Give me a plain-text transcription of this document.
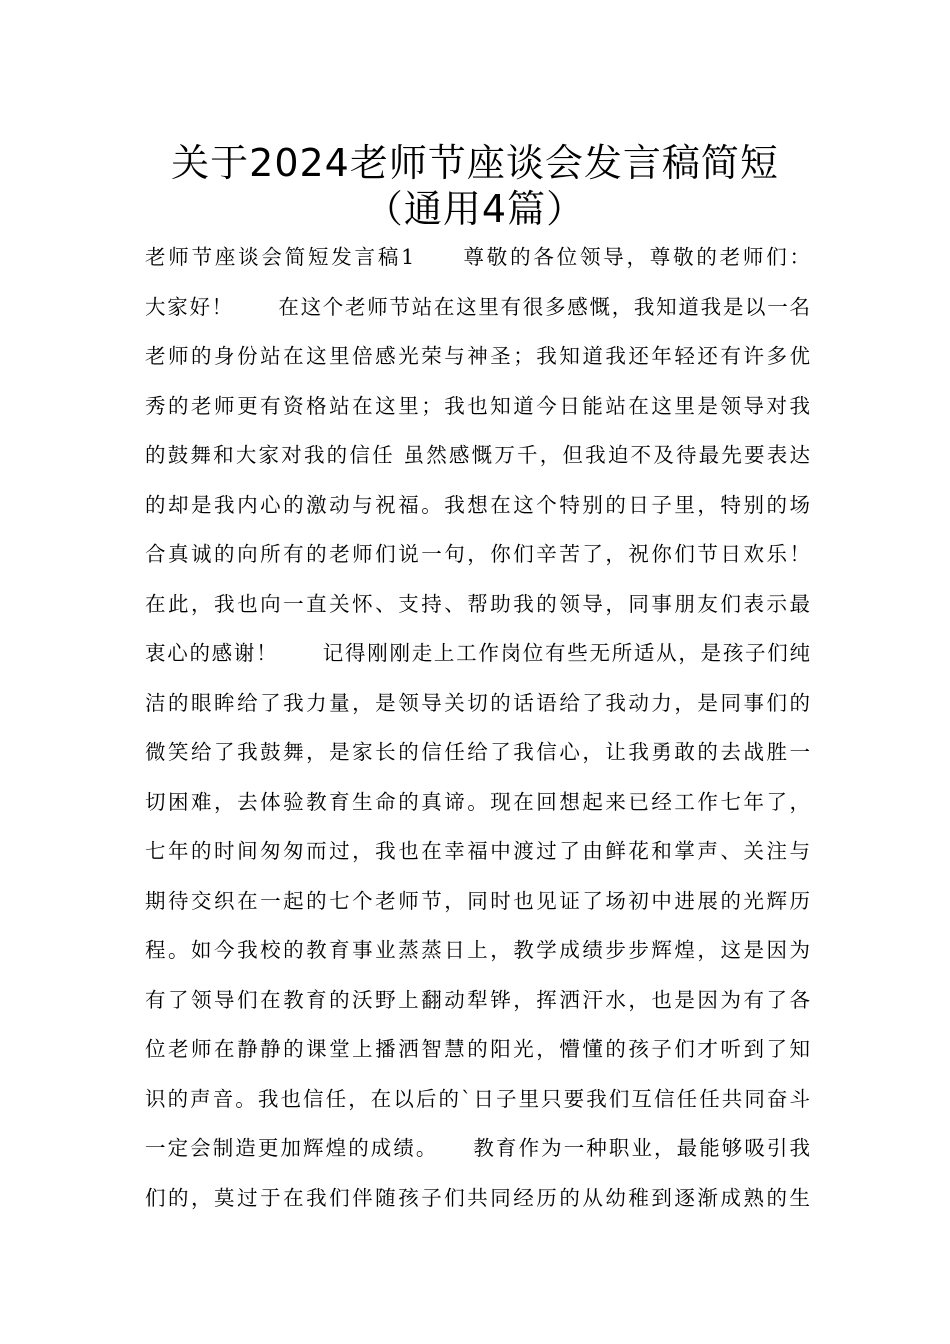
关于2024老师节座谈会发言稿简短
（通用4篇）
老师节座谈会简短发言稿1　　尊敬的各位领导，尊敬的老师们：
大家好！　　在这个老师节站在这里有很多感慨，我知道我是以一名
老师的身份站在这里倍感光荣与神圣；我知道我还年轻还有许多优
秀的老师更有资格站在这里；我也知道今日能站在这里是领导对我
的鼓舞和大家对我的信任 虽然感慨万千，但我迫不及待最先要表达
的却是我内心的激动与祝福。我想在这个特别的日子里，特别的场
合真诚的向所有的老师们说一句，你们辛苦了，祝你们节日欢乐！
在此，我也向一直关怀、支持、帮助我的领导，同事朋友们表示最
衷心的感谢！　　记得刚刚走上工作岗位有些无所适从，是孩子们纯
洁的眼眸给了我力量，是领导关切的话语给了我动力，是同事们的
微笑给了我鼓舞，是家长的信任给了我信心，让我勇敢的去战胜一
切困难，去体验教育生命的真谛。现在回想起来已经工作七年了，
七年的时间匆匆而过，我也在幸福中渡过了由鲜花和掌声、关注与
期待交织在一起的七个老师节，同时也见证了场初中进展的光辉历
程。如今我校的教育事业蒸蒸日上，教学成绩步步辉煌，这是因为
有了领导们在教育的沃野上翻动犁铧，挥洒汗水，也是因为有了各
位老师在静静的课堂上播洒智慧的阳光，懵懂的孩子们才听到了知
识的声音。我也信任，在以后的`日子里只要我们互信任任共同奋斗
一定会制造更加辉煌的成绩。　　教育作为一种职业，最能够吸引我
们的，莫过于在我们伴随孩子们共同经历的从幼稚到逐渐成熟的生
